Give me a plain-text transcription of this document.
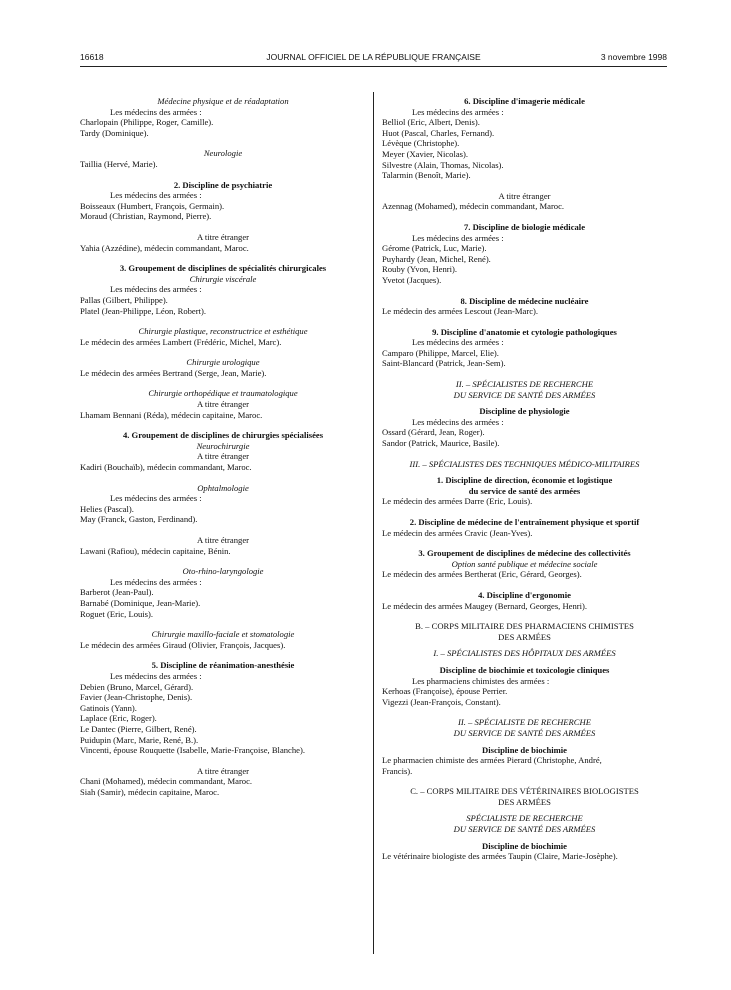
16618	JOURNAL OFFICIEL DE LA RÉPUBLIQUE FRANÇAISE	3 novembre 1998

Médecine physique et de réadaptation

Les médecins des armées :

Charlopain (Philippe, Roger, Camille).

Tardy (Dominique).

Neurologie

Taillia (Hervé, Marie).

2. Discipline de psychiatrie

Les médecins des armées :

Boisseaux (Humbert, François, Germain).

Moraud (Christian, Raymond, Pierre).

A titre étranger

Yahia (Azzédine), médecin commandant, Maroc.

3. Groupement de disciplines de spécialités chirurgicales

Chirurgie viscérale

Les médecins des armées :

Pallas (Gilbert, Philippe).

Platel (Jean-Philippe, Léon, Robert).

Chirurgie plastique, reconstructrice et esthétique

Le médecin des armées Lambert (Frédéric, Michel, Marc).

Chirurgie urologique

Le médecin des armées Bertrand (Serge, Jean, Marie).

Chirurgie orthopédique et traumatologique

A titre étranger

Lhamam Bennani (Réda), médecin capitaine, Maroc.

4. Groupement de disciplines de chirurgies spécialisées

Neurochirurgie

A titre étranger

Kadiri (Bouchaïb), médecin commandant, Maroc.

Ophtalmologie

Les médecins des armées :

Helies (Pascal).

May (Franck, Gaston, Ferdinand).

A titre étranger

Lawani (Rafiou), médecin capitaine, Bénin.

Oto-rhino-laryngologie

Les médecins des armées :

Barberot (Jean-Paul).

Barnabé (Dominique, Jean-Marie).

Roguet (Eric, Louis).

Chirurgie maxillo-faciale et stomatologie

Le médecin des armées Giraud (Olivier, François, Jacques).

5. Discipline de réanimation-anesthésie

Les médecins des armées :

Debien (Bruno, Marcel, Gérard).

Favier (Jean-Christophe, Denis).

Gatinois (Yann).

Laplace (Eric, Roger).

Le Dantec (Pierre, Gilbert, René).

Puidupin (Marc, Marie, René, B.).

Vincenti, épouse Rouquette (Isabelle, Marie-Françoise, Blanche).

A titre étranger

Chani (Mohamed), médecin commandant, Maroc.

Siah (Samir), médecin capitaine, Maroc.

6. Discipline d'imagerie médicale

Les médecins des armées :

Belliol (Eric, Albert, Denis).

Huot (Pascal, Charles, Fernand).

Lévèque (Christophe).

Meyer (Xavier, Nicolas).

Silvestre (Alain, Thomas, Nicolas).

Talarmin (Benoît, Marie).

A titre étranger

Azennag (Mohamed), médecin commandant, Maroc.

7. Discipline de biologie médicale

Les médecins des armées :

Gérome (Patrick, Luc, Marie).

Puyhardy (Jean, Michel, René).

Rouby (Yvon, Henri).

Yvetot (Jacques).

8. Discipline de médecine nucléaire

Le médecin des armées Lescout (Jean-Marc).

9. Discipline d'anatomie et cytologie pathologiques

Les médecins des armées :

Camparo (Philippe, Marcel, Elie).

Saint-Blancard (Patrick, Jean-Sem).

II. – SPÉCIALISTES DE RECHERCHE

DU SERVICE DE SANTÉ DES ARMÉES

Discipline de physiologie

Les médecins des armées :

Ossard (Gérard, Jean, Roger).

Sandor (Patrick, Maurice, Basile).

III. – SPÉCIALISTES DES TECHNIQUES MÉDICO-MILITAIRES

1. Discipline de direction, économie et logistique

du service de santé des armées

Le médecin des armées Darre (Eric, Louis).

2. Discipline de médecine de l'entraînement physique et sportif

Le médecin des armées Cravic (Jean-Yves).

3. Groupement de disciplines de médecine des collectivités

Option santé publique et médecine sociale

Le médecin des armées Bertherat (Eric, Gérard, Georges).

4. Discipline d'ergonomie

Le médecin des armées Maugey (Bernard, Georges, Henri).

B. – CORPS MILITAIRE DES PHARMACIENS CHIMISTES

DES ARMÉES

I. – SPÉCIALISTES DES HÔPITAUX DES ARMÉES

Discipline de biochimie et toxicologie cliniques

Les pharmaciens chimistes des armées :

Kerhoas (Françoise), épouse Perrier.

Vigezzi (Jean-François, Constant).

II. – SPÉCIALISTE DE RECHERCHE

DU SERVICE DE SANTÉ DES ARMÉES

Discipline de biochimie

Le pharmacien chimiste des armées Pierard (Christophe, André,

Francis).

C. – CORPS MILITAIRE DES VÉTÉRINAIRES BIOLOGISTES

DES ARMÉES

SPÉCIALISTE DE RECHERCHE

DU SERVICE DE SANTÉ DES ARMÉES

Discipline de biochimie

Le vétérinaire biologiste des armées Taupin (Claire, Marie-Josèphe).
